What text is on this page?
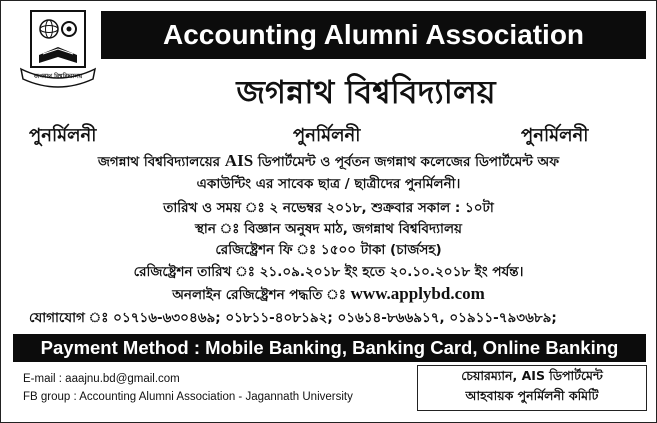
জগন্নাথ বিশ্ববিদ্যালয়
Accounting Alumni Association
জগন্নাথ বিশ্ববিদ্যালয়
পুনর্মিলনী	পুনর্মিলনী	পুনর্মিলনী
জগন্নাথ বিশ্ববিদ্যালয়ের AIS ডিপার্টমেন্ট ও পূর্বতন জগন্নাথ কলেজের ডিপার্টমেন্ট অফ
একাউন্টিং এর সাবেক ছাত্র / ছাত্রীদের পুনর্মিলনী।
তারিখ ও সময় ঃ ২ নভেম্বর ২০১৮, শুক্রবার সকাল : ১০টা
স্থান ঃ বিজ্ঞান অনুষদ মাঠ, জগন্নাথ বিশ্ববিদ্যালয়
রেজিষ্ট্রেশন ফি ঃ ১৫০০ টাকা (চার্জসহ)
রেজিষ্ট্রেশন তারিখ ঃ ২১.০৯.২০১৮ ইং হতে ২০.১০.২০১৮ ইং পর্যন্ত।
অনলাইন রেজিষ্ট্রেশন পদ্ধতি ঃ www.applybd.com
যোগাযোগ ঃ ০১৭১৬-৬৩০৪৬৯; ০১৮১১-৪০৮১৯২; ০১৬১৪-৮৬৬৯১৭, ০১৯১১-৭৯৩৬৮৯;
Payment Method : Mobile Banking, Banking Card, Online Banking
E-mail : aaajnu.bd@gmail.com
FB group : Accounting Alumni Association - Jagannath University
চেয়ারম্যান, AIS ডিপার্টমেন্ট
আহবায়ক পুনর্মিলনী কমিটি
